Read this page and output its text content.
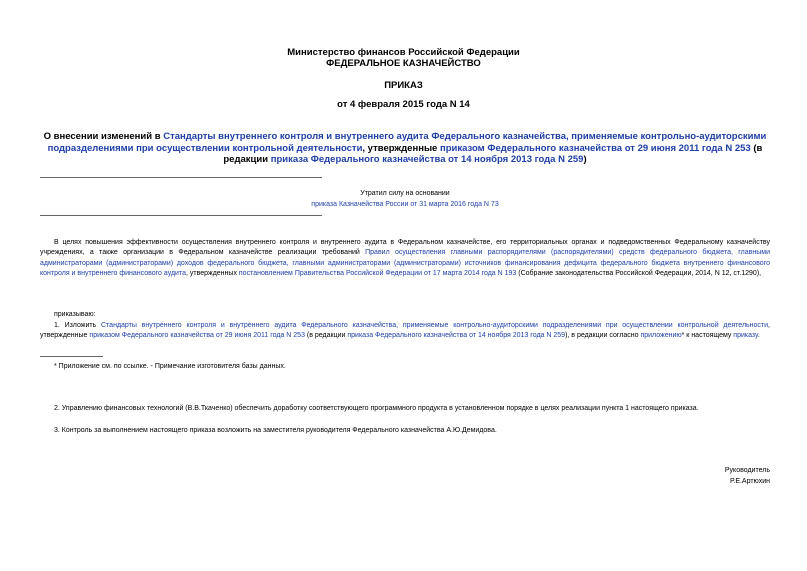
Министерство финансов Российской Федерации
ФЕДЕРАЛЬНОЕ КАЗНАЧЕЙСТВО
ПРИКАЗ
от 4 февраля 2015 года N 14
О внесении изменений в Стандарты внутреннего контроля и внутреннего аудита Федерального казначейства, применяемые контрольно-аудиторскими подразделениями при осуществлении контрольной деятельности, утвержденные приказом Федерального казначейства от 29 июня 2011 года N 253 (в редакции приказа Федерального казначейства от 14 ноября 2013 года N 259)
Утратил силу на основании
приказа Казначейства России от 31 марта 2016 года N 73
В целях повышения эффективности осуществления внутреннего контроля и внутреннего аудита в Федеральном казначействе, его территориальных органах и подведомственных Федеральному казначейству учреждениях, а также организации в Федеральном казначействе реализации требований Правил осуществления главными распорядителями (распорядителями) средств федерального бюджета, главными администраторами (администраторами) доходов федерального бюджета, главными администраторами (администраторами) источников финансирования дефицита федерального бюджета внутреннего финансового контроля и внутреннего финансового аудита, утвержденных постановлением Правительства Российской Федерации от 17 марта 2014 года N 193 (Собрание законодательства Российской Федерации, 2014, N 12, ст.1290),
приказываю:
1. Изложить Стандарты внутреннего контроля и внутреннего аудита Федерального казначейства, применяемые контрольно-аудиторскими подразделениями при осуществлении контрольной деятельности, утвержденные приказом Федерального казначейства от 29 июня 2011 года N 253 (в редакции приказа Федерального казначейства от 14 ноября 2013 года N 259), в редакции согласно приложению* к настоящему приказу.
* Приложение см. по ссылке. - Примечание изготовителя базы данных.
2. Управлению финансовых технологий (В.В.Ткаченко) обеспечить доработку соответствующего программного продукта в установленном порядке в целях реализации пункта 1 настоящего приказа.
3. Контроль за выполнением настоящего приказа возложить на заместителя руководителя Федерального казначейства А.Ю.Демидова.
Руководитель
Р.Е.Артюхин
